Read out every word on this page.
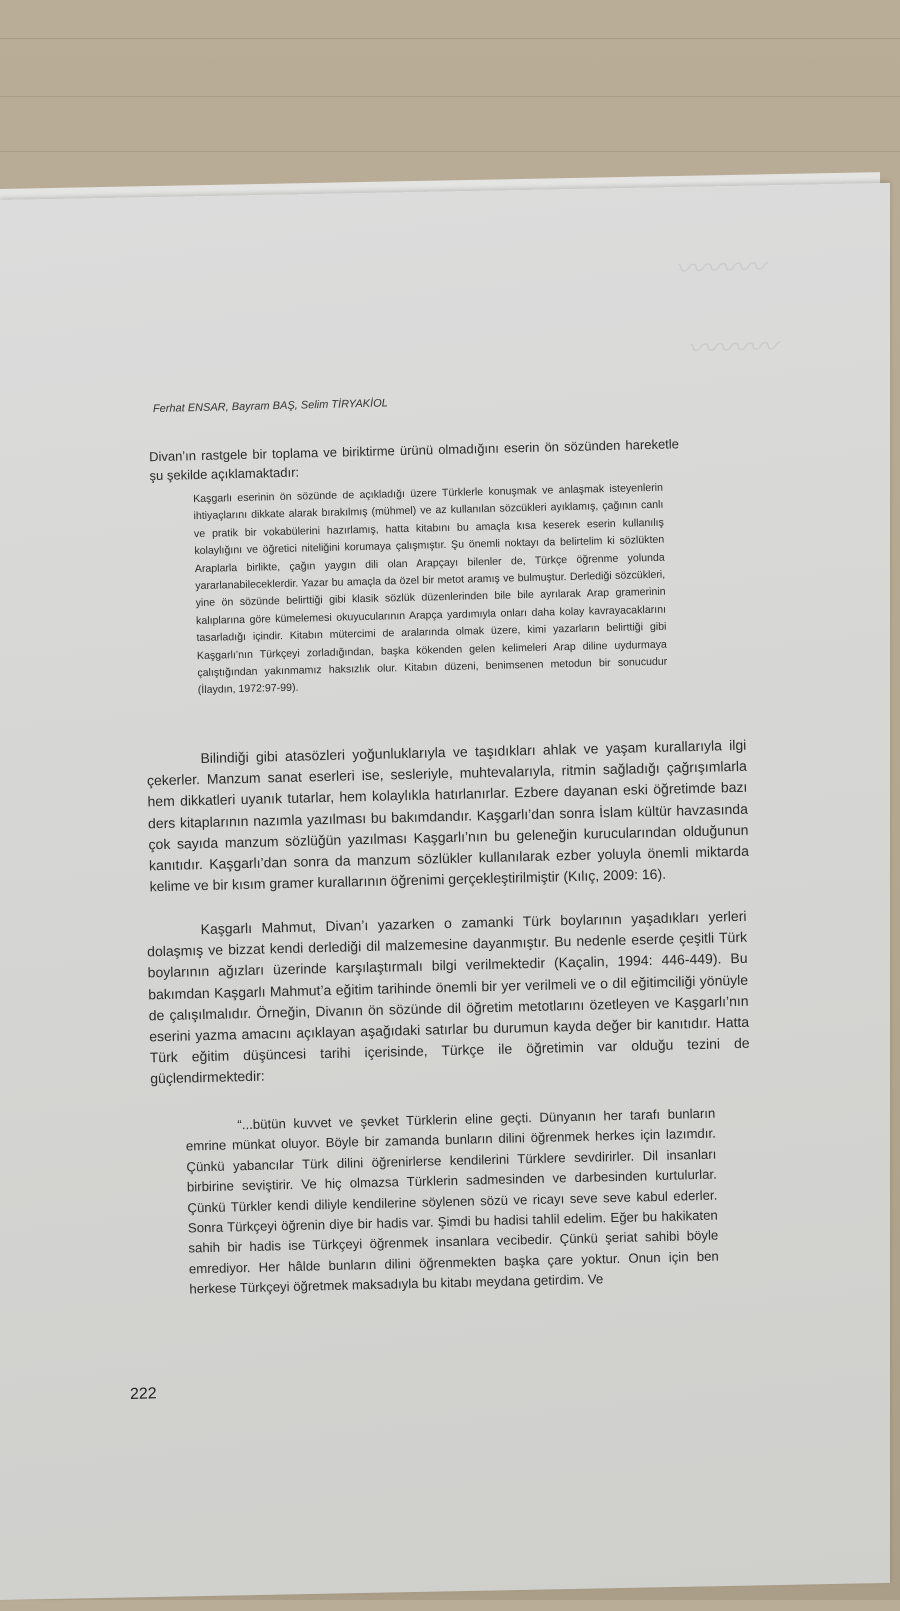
〰〰〰
〰〰〰
Ferhat ENSAR, Bayram BAŞ, Selim TİRYAKİOL

Divan’ın rastgele bir toplama ve biriktirme ürünü olmadığını eserin ön sözünden hareketle şu şekilde açıklamaktadır:

Kaşgarlı eserinin ön sözünde de açıkladığı üzere Türklerle konuşmak ve anlaşmak isteyenlerin ihtiyaçlarını dikkate alarak bırakılmış (mühmel) ve az kullanılan sözcükleri ayıklamış, çağının canlı ve pratik bir vokabülerini hazırlamış, hatta kitabını bu amaçla kısa keserek eserin kullanılış kolaylığını ve öğretici niteliğini korumaya çalışmıştır. Şu önemli noktayı da belirtelim ki sözlükten Araplarla birlikte, çağın yaygın dili olan Arapçayı bilenler de, Türkçe öğrenme yolunda yararlanabileceklerdir. Yazar bu amaçla da özel bir metot aramış ve bulmuştur. Derlediği sözcükleri, yine ön sözünde belirttiği gibi klasik sözlük düzenlerinden bile bile ayrılarak Arap gramerinin kalıplarına göre kümelemesi okuyucularının Arapça yardımıyla onları daha kolay kavrayacaklarını tasarladığı içindir. Kitabın mütercimi de aralarında olmak üzere, kimi yazarların belirttiği gibi Kaşgarlı’nın Türkçeyi zorladığından, başka kökenden gelen kelimeleri Arap diline uydurmaya çalıştığından yakınmamız haksızlık olur. Kitabın düzeni, benimsenen metodun bir sonucudur (İlaydın, 1972:97-99).

Bilindiği gibi atasözleri yoğunluklarıyla ve taşıdıkları ahlak ve yaşam kurallarıyla ilgi çekerler. Manzum sanat eserleri ise, sesleriyle, muhtevalarıyla, ritmin sağladığı çağrışımlarla hem dikkatleri uyanık tutarlar, hem kolaylıkla hatırlanırlar. Ezbere dayanan eski öğretimde bazı ders kitaplarının nazımla yazılması bu bakımdandır. Kaşgarlı’dan sonra İslam kültür havzasında çok sayıda manzum sözlüğün yazılması Kaşgarlı’nın bu geleneğin kurucularından olduğunun kanıtıdır. Kaşgarlı’dan sonra da manzum sözlükler kullanılarak ezber yoluyla önemli miktarda kelime ve bir kısım gramer kurallarının öğrenimi gerçekleştirilmiştir (Kılıç, 2009: 16).

Kaşgarlı Mahmut, Divan’ı yazarken o zamanki Türk boylarının yaşadıkları yerleri dolaşmış ve bizzat kendi derlediği dil malzemesine dayanmıştır. Bu nedenle eserde çeşitli Türk boylarının ağızları üzerinde karşılaştırmalı bilgi verilmektedir (Kaçalin, 1994: 446-449). Bu bakımdan Kaşgarlı Mahmut’a eğitim tarihinde önemli bir yer verilmeli ve o dil eğitimciliği yönüyle de çalışılmalıdır. Örneğin, Divanın ön sözünde dil öğretim metotlarını özetleyen ve Kaşgarlı’nın eserini yazma amacını açıklayan aşağıdaki satırlar bu durumun kayda değer bir kanıtıdır. Hatta Türk eğitim düşüncesi tarihi içerisinde, Türkçe ile öğretimin var olduğu tezini de güçlendirmektedir:

“...bütün kuvvet ve şevket Türklerin eline geçti. Dünyanın her tarafı bunların emrine münkat oluyor. Böyle bir zamanda bunların dilini öğrenmek herkes için lazımdır. Çünkü yabancılar Türk dilini öğrenirlerse kendilerini Türklere sevdirirler. Dil insanları birbirine seviştirir. Ve hiç olmazsa Türklerin sadmesinden ve darbesinden kurtulurlar. Çünkü Türkler kendi diliyle kendilerine söylenen sözü ve ricayı seve seve kabul ederler. Sonra Türkçeyi öğrenin diye bir hadis var. Şimdi bu hadisi tahlil edelim. Eğer bu hakikaten sahih bir hadis ise Türkçeyi öğrenmek insanlara vecibedir. Çünkü şeriat sahibi böyle emrediyor. Her hâlde bunların dilini öğrenmekten başka çare yoktur. Onun için ben herkese Türkçeyi öğretmek maksadıyla bu kitabı meydana getirdim. Ve

222
